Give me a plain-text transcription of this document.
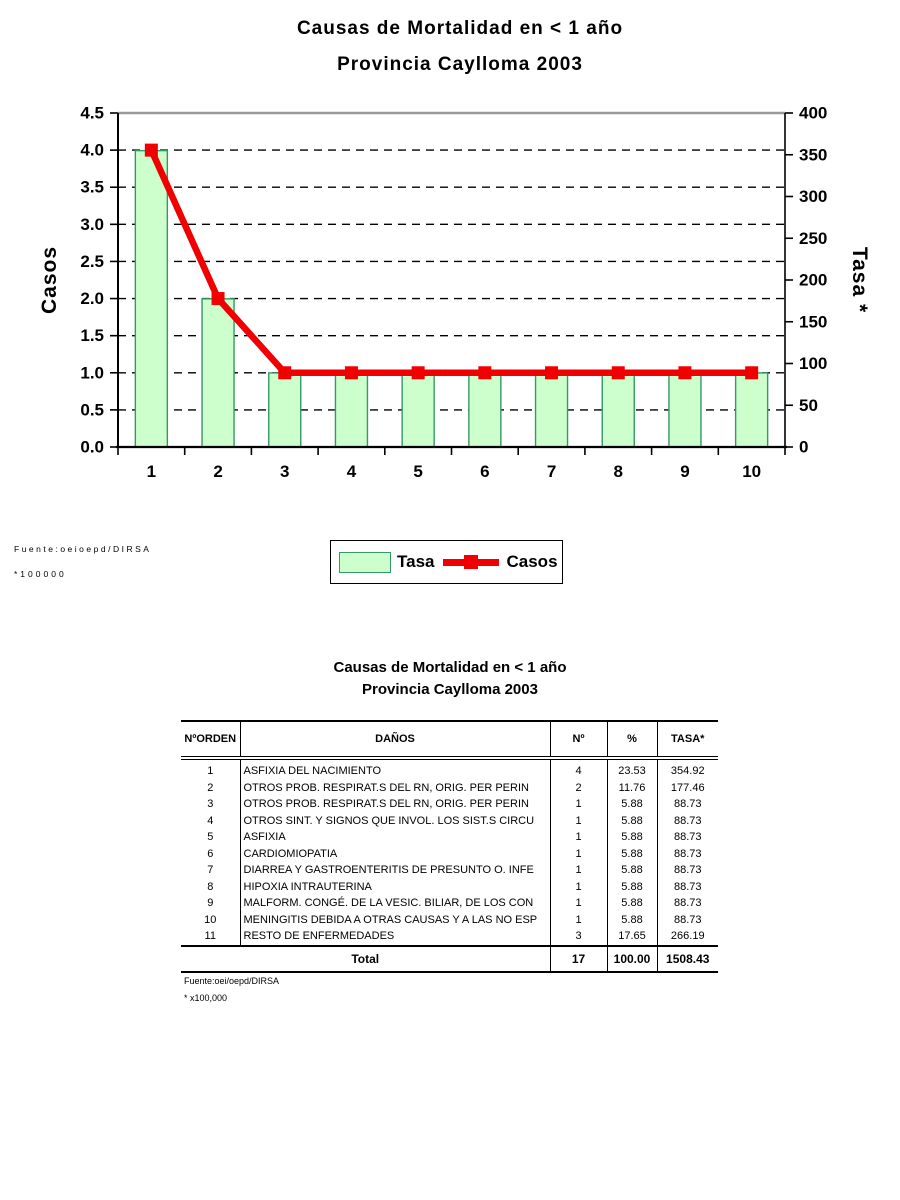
Causas de Mortalidad en < 1 año
Provincia Caylloma 2003
0.0
0.5
1.0
1.5
2.0
2.5
3.0
3.5
4.0
4.5
0
50
100
150
200
250
300
350
400
1	2	3	4	5	6	7	8	9	10
Casos	Tasa *
Fuente:oeioepd/DIRSA
*100000
Tasa	Casos
Causas de Mortalidad en < 1 año
Provincia Caylloma 2003
NºORDEN	DAÑOS	Nº	%	TASA*
1	ASFIXIA DEL NACIMIENTO	4	23.53	354.92
2	OTROS PROB. RESPIRAT.S DEL RN, ORIG. PER PERIN	2	11.76	177.46
3	OTROS PROB. RESPIRAT.S DEL RN, ORIG. PER PERIN	1	5.88	88.73
4	OTROS SINT. Y SIGNOS QUE INVOL. LOS SIST.S CIRCU	1	5.88	88.73
5	ASFIXIA	1	5.88	88.73
6	CARDIOMIOPATIA	1	5.88	88.73
7	DIARREA Y GASTROENTERITIS DE PRESUNTO O. INFE	1	5.88	88.73
8	HIPOXIA INTRAUTERINA	1	5.88	88.73
9	MALFORM. CONGÉ. DE LA VESIC. BILIAR, DE LOS CON	1	5.88	88.73
10	MENINGITIS DEBIDA A OTRAS CAUSAS Y A LAS NO ESP	1	5.88	88.73
11	RESTO DE ENFERMEDADES	3	17.65	266.19
Total		17	100.00	1508.43
Fuente:oei/oepd/DIRSA
* x100,000
